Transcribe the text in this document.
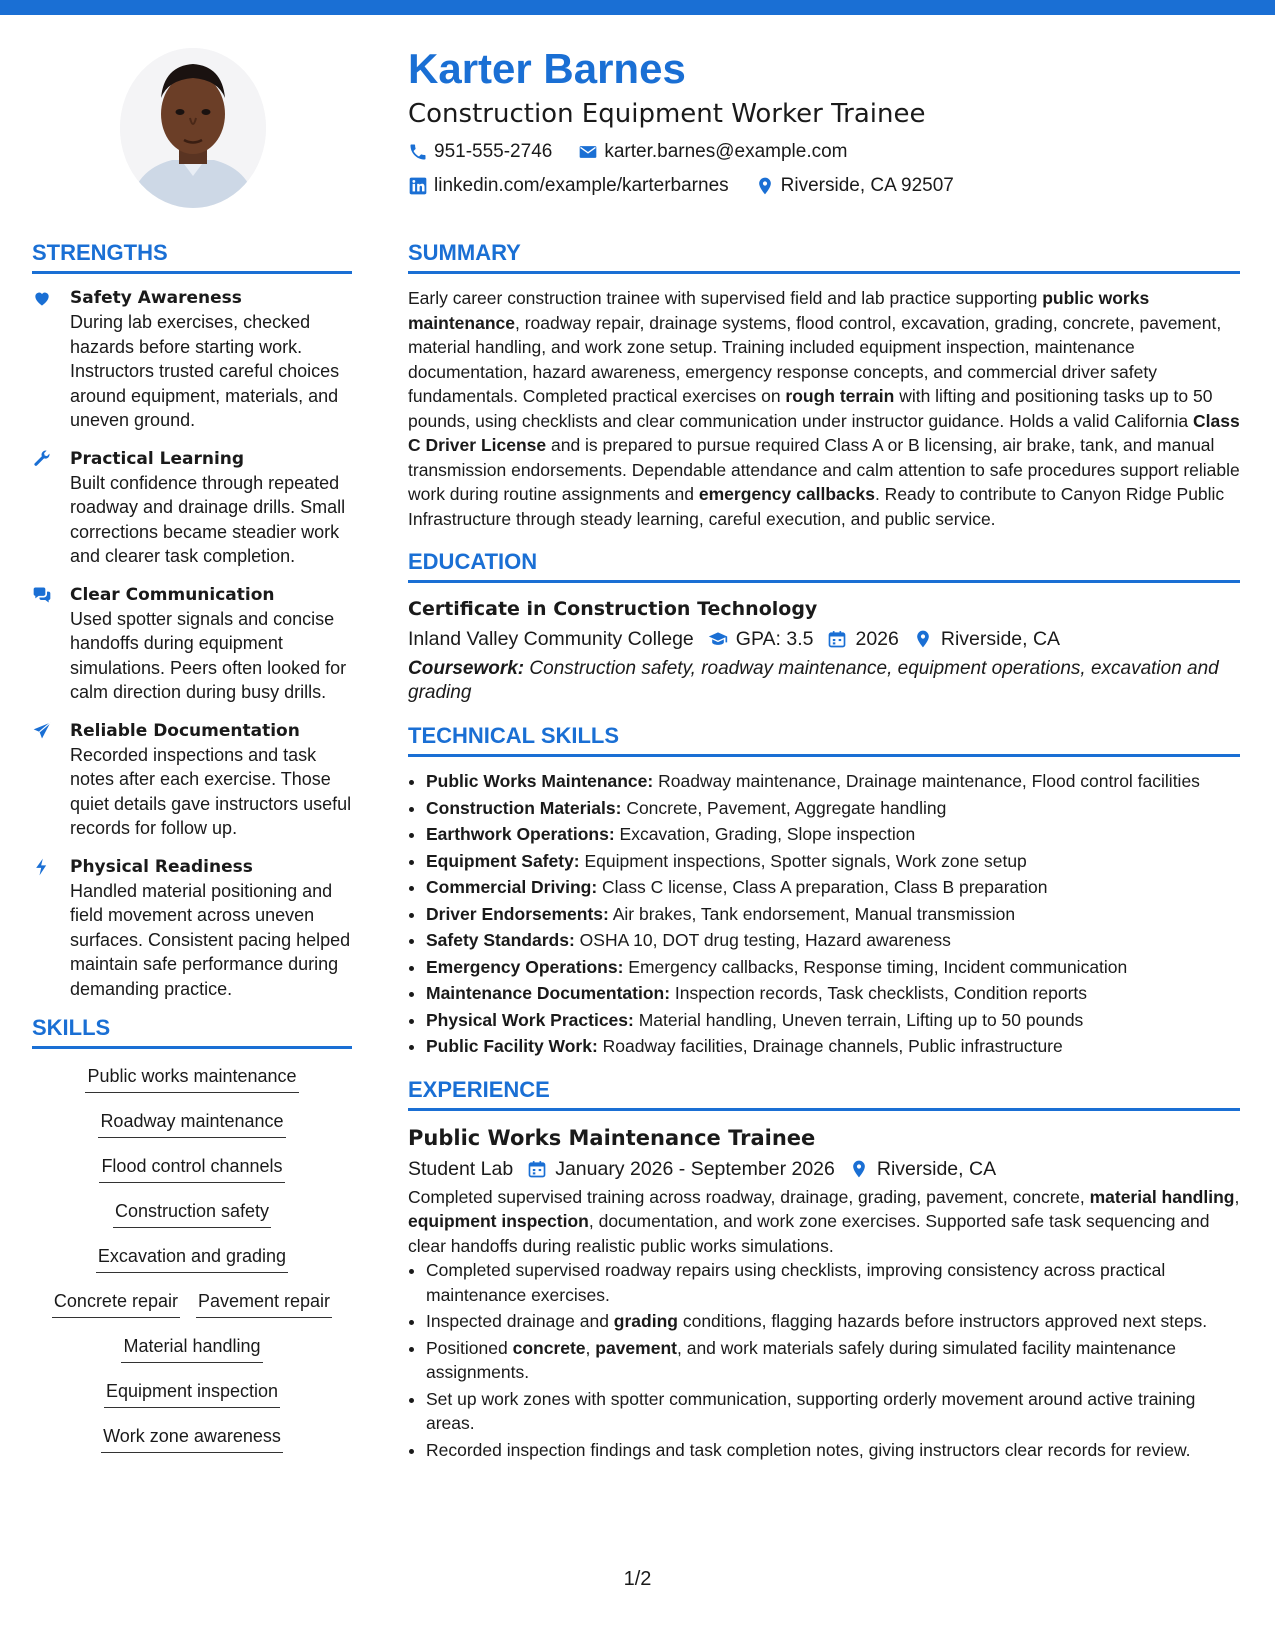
Karter Barnes
Construction Equipment Worker Trainee
951-555-2746	karter.barnes@example.com
linkedin.com/example/karterbarnes	Riverside, CA 92507
STRENGTHS
Safety Awareness
During lab exercises, checked hazards before starting work. Instructors trusted careful choices around equipment, materials, and uneven ground.
Practical Learning
Built confidence through repeated roadway and drainage drills. Small corrections became steadier work and clearer task completion.
Clear Communication
Used spotter signals and concise handoffs during equipment simulations. Peers often looked for calm direction during busy drills.
Reliable Documentation
Recorded inspections and task notes after each exercise. Those quiet details gave instructors useful records for follow up.
Physical Readiness
Handled material positioning and field movement across uneven surfaces. Consistent pacing helped maintain safe performance during demanding practice.
SKILLS
Public works maintenance
Roadway maintenance
Flood control channels
Construction safety
Excavation and grading
Concrete repair Pavement repair
Material handling
Equipment inspection
Work zone awareness
SUMMARY

Early career construction trainee with supervised field and lab practice supporting public works maintenance, roadway repair, drainage systems, flood control, excavation, grading, concrete, pavement, material handling, and work zone setup. Training included equipment inspection, maintenance documentation, hazard awareness, emergency response concepts, and commercial driver safety fundamentals. Completed practical exercises on rough terrain with lifting and positioning tasks up to 50 pounds, using checklists and clear communication under instructor guidance. Holds a valid California Class C Driver License and is prepared to pursue required Class A or B licensing, air brake, tank, and manual transmission endorsements. Dependable attendance and calm attention to safe procedures support reliable work during routine assignments and emergency callbacks. Ready to contribute to Canyon Ridge Public Infrastructure through steady learning, careful execution, and public service.

EDUCATION
Certificate in Construction Technology
Inland Valley Community College GPA: 3.5 2026 Riverside, CA
Coursework: Construction safety, roadway maintenance, equipment operations, excavation and grading
TECHNICAL SKILLS
• Public Works Maintenance: Roadway maintenance, Drainage maintenance, Flood control facilities
• Construction Materials: Concrete, Pavement, Aggregate handling
• Earthwork Operations: Excavation, Grading, Slope inspection
• Equipment Safety: Equipment inspections, Spotter signals, Work zone setup
• Commercial Driving: Class C license, Class A preparation, Class B preparation
• Driver Endorsements: Air brakes, Tank endorsement, Manual transmission
• Safety Standards: OSHA 10, DOT drug testing, Hazard awareness
• Emergency Operations: Emergency callbacks, Response timing, Incident communication
• Maintenance Documentation: Inspection records, Task checklists, Condition reports
• Physical Work Practices: Material handling, Uneven terrain, Lifting up to 50 pounds
• Public Facility Work: Roadway facilities, Drainage channels, Public infrastructure
EXPERIENCE
Public Works Maintenance Trainee
Student Lab January 2026 - September 2026 Riverside, CA

Completed supervised training across roadway, drainage, grading, pavement, concrete, material handling, equipment inspection, documentation, and work zone exercises. Supported safe task sequencing and clear handoffs during realistic public works simulations.

• Completed supervised roadway repairs using checklists, improving consistency across practical maintenance exercises.
• Inspected drainage and grading conditions, flagging hazards before instructors approved next steps.
• Positioned concrete, pavement, and work materials safely during simulated facility maintenance assignments.
• Set up work zones with spotter communication, supporting orderly movement around active training areas.
• Recorded inspection findings and task completion notes, giving instructors clear records for review.
1/2
